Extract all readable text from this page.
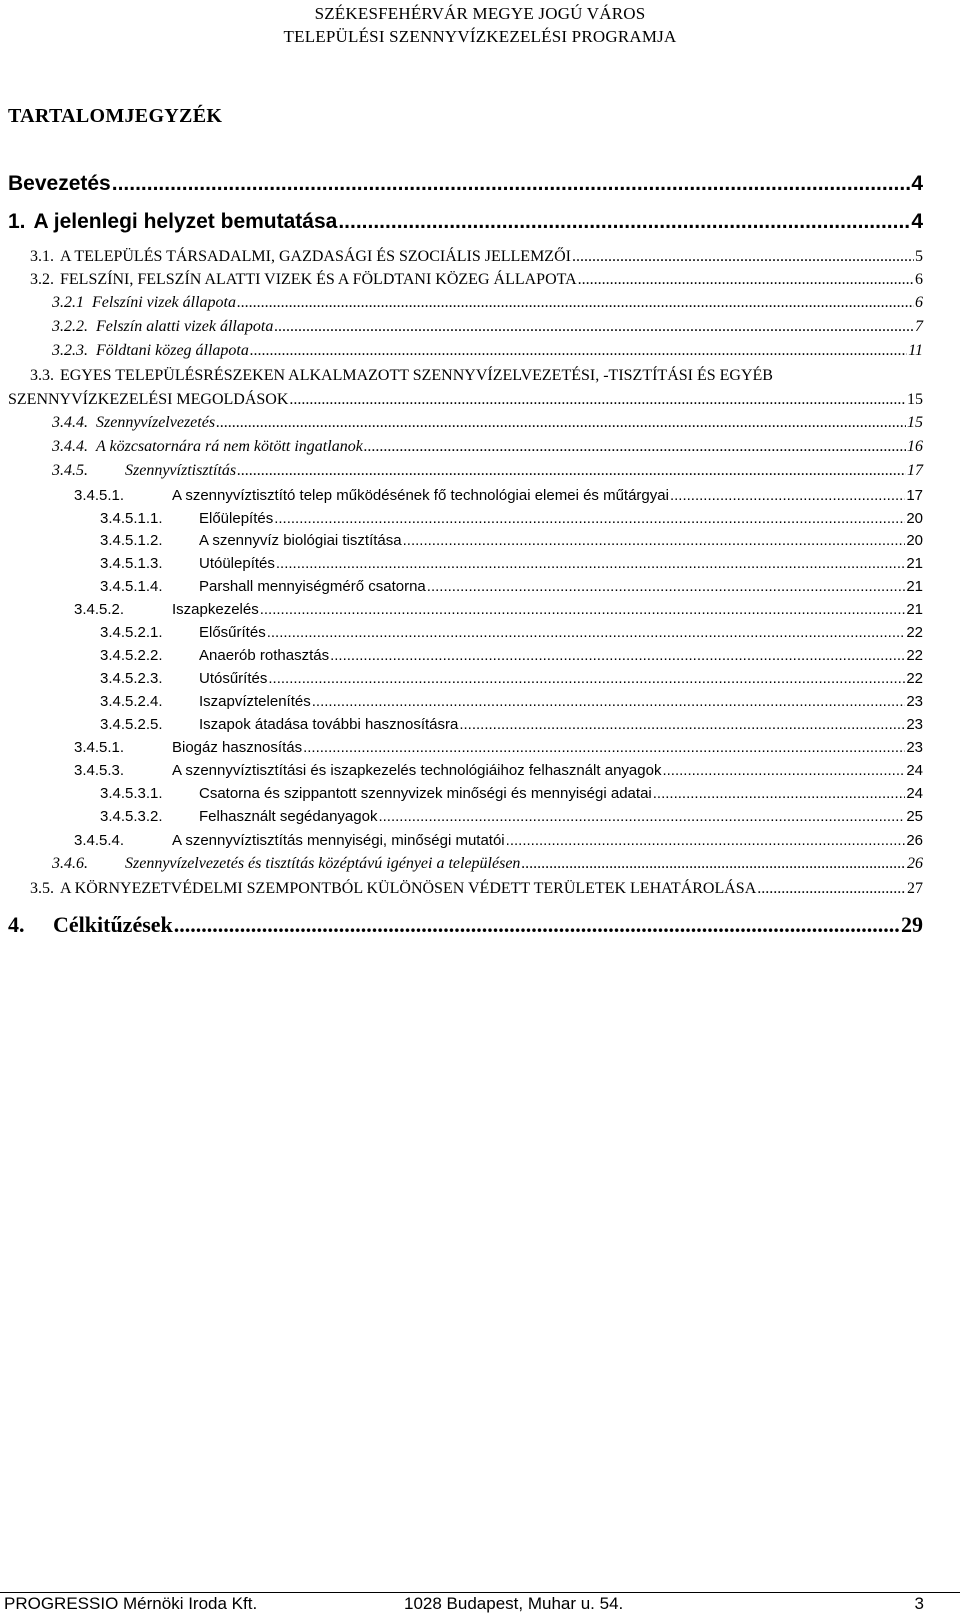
SZÉKESFEHÉRVÁR MEGYE JOGÚ VÁROS
TELEPÜLÉSI SZENNYVÍZKEZELÉSI PROGRAMJA
TARTALOMJEGYZÉK
Bevezetés .....	4
1. A jelenlegi helyzet bemutatása .....	4
3.1. A TELEPÜLÉS TÁRSADALMI, GAZDASÁGI ÉS SZOCIÁLIS JELLEMZŐI .....	5
3.2. FELSZÍNI, FELSZÍN ALATTI VIZEK ÉS A FÖLDTANI KÖZEG ÁLLAPOTA .....	6
3.2.1 Felszíni vizek állapota .....	6
3.2.2. Felszín alatti vizek állapota .....	7
3.2.3. Földtani közeg állapota .....	11
3.3. EGYES TELEPÜLÉSRÉSZEKEN ALKALMAZOTT SZENNYVÍZELVEZETÉSI, -TISZTÍTÁSI ÉS EGYÉB
SZENNYVÍZKEZELÉSI MEGOLDÁSOK .....	15
3.4.4. Szennyvízelvezetés .....	15
3.4.4. A közcsatornára rá nem kötött ingatlanok .....	16
3.4.5.	Szennyvíztisztítás .....	17
3.4.5.1.	A szennyvíztisztító telep működésének fő technológiai elemei és műtárgyai .....	17
3.4.5.1.1.	Előülepítés .....	20
3.4.5.1.2.	A szennyvíz biológiai tisztítása .....	20
3.4.5.1.3.	Utóülepítés .....	21
3.4.5.1.4.	Parshall mennyiségmérő csatorna .....	21
3.4.5.2.	Iszapkezelés .....	21
3.4.5.2.1.	Elősűrítés .....	22
3.4.5.2.2.	Anaerób rothasztás .....	22
3.4.5.2.3.	Utósűrítés .....	22
3.4.5.2.4.	Iszapvíztelenítés .....	23
3.4.5.2.5.	Iszapok átadása további hasznosításra .....	23
3.4.5.1.	Biogáz hasznosítás .....	23
3.4.5.3.	A szennyvíztisztítási és iszapkezelés technológiáihoz felhasznált anyagok .....	24
3.4.5.3.1.	Csatorna és szippantott szennyvizek minőségi és mennyiségi adatai .....	24
3.4.5.3.2.	Felhasznált segédanyagok .....	25
3.4.5.4.	A szennyvíztisztítás mennyiségi, minőségi mutatói .....	26
3.4.6.	Szennyvízelvezetés és tisztítás középtávú igényei a településen .....	26
3.5. A KÖRNYEZETVÉDELMI SZEMPONTBÓL KÜLÖNÖSEN VÉDETT TERÜLETEK LEHATÁROLÁSA .....	27
4.	Célkitűzések .....	29
PROGRESSIO Mérnöki Iroda Kft.	1028 Budapest, Muhar u. 54.	3
